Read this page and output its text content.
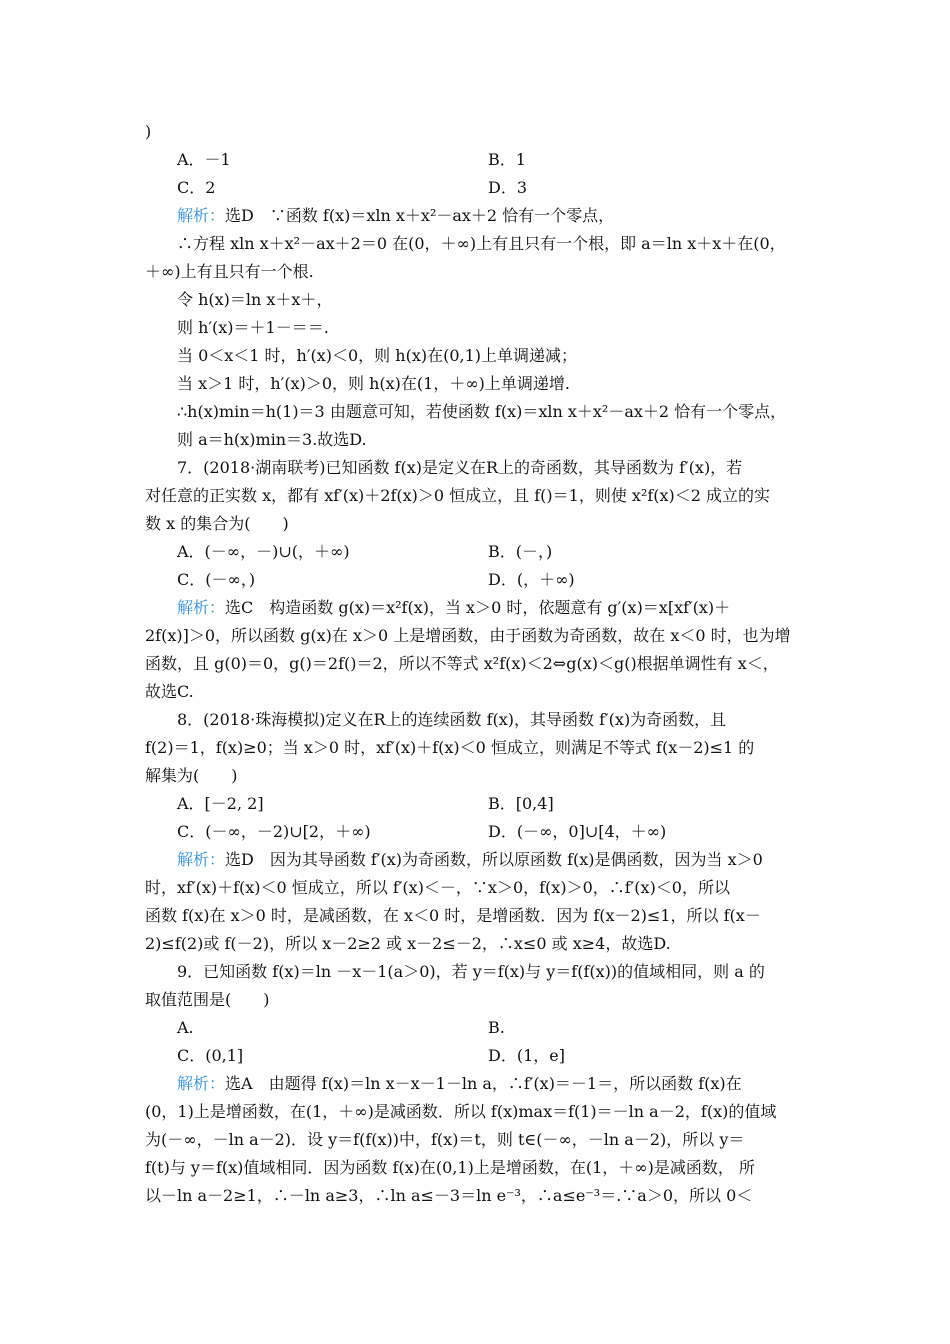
)
A．－1	B．1
C．2	D．3
解析：选D　∵函数 f(x)＝xln x＋x²－ax＋2 恰有一个零点，
∴方程 xln x＋x²－ax＋2＝0 在(0，＋∞)上有且只有一个根，即 a＝ln x＋x＋在(0，
＋∞)上有且只有一个根.
令 h(x)＝ln x＋x＋，
则 h′(x)＝＋1－＝＝.
当 0＜x＜1 时，h′(x)＜0，则 h(x)在(0,1)上单调递减；
当 x＞1 时，h′(x)＞0，则 h(x)在(1，＋∞)上单调递增.
∴h(x)min＝h(1)＝3 由题意可知，若使函数 f(x)＝xln x＋x²－ax＋2 恰有一个零点，
则 a＝h(x)min＝3.故选D.
7．(2018·湖南联考)已知函数 f(x)是定义在R上的奇函数，其导函数为 f′(x)，若
对任意的正实数 x，都有 xf′(x)＋2f(x)＞0 恒成立，且 f()＝1，则使 x²f(x)＜2 成立的实
数 x 的集合为(　　)
A．(－∞，－)∪(，＋∞)	B．(－，)
C．(－∞，)	D．(，＋∞)
解析：选C　构造函数 g(x)＝x²f(x)，当 x＞0 时，依题意有 g′(x)＝x[xf′(x)＋
2f(x)]＞0，所以函数 g(x)在 x＞0 上是增函数，由于函数为奇函数，故在 x＜0 时，也为增
函数，且 g(0)＝0，g()＝2f()＝2，所以不等式 x²f(x)＜2⇔g(x)＜g()根据单调性有 x＜，
故选C.
8．(2018·珠海模拟)定义在R上的连续函数 f(x)，其导函数 f′(x)为奇函数，且
f(2)＝1，f(x)≥0；当 x＞0 时，xf′(x)＋f(x)＜0 恒成立，则满足不等式 f(x－2)≤1 的
解集为(　　)
A．[－2, 2]	B．[0,4]
C．(－∞，－2)∪[2，＋∞)	D．(－∞，0]∪[4，＋∞)
解析：选D　因为其导函数 f′(x)为奇函数，所以原函数 f(x)是偶函数，因为当 x＞0
时，xf′(x)＋f(x)＜0 恒成立，所以 f′(x)＜－，∵x＞0，f(x)＞0，∴f′(x)＜0，所以
函数 f(x)在 x＞0 时，是减函数，在 x＜0 时，是增函数．因为 f(x－2)≤1，所以 f(x－
2)≤f(2)或 f(－2)，所以 x－2≥2 或 x－2≤－2，∴x≤0 或 x≥4，故选D.
9．已知函数 f(x)＝ln －x－1(a＞0)，若 y＝f(x)与 y＝f(f(x))的值域相同，则 a 的
取值范围是(　　)
A.	B.
C．(0,1]	D．(1，e]
解析：选A　由题得 f(x)＝ln x－x－1－ln a，∴f′(x)＝－1＝，所以函数 f(x)在
(0，1)上是增函数，在(1，＋∞)是减函数．所以 f(x)max＝f(1)＝－ln a－2，f(x)的值域
为(－∞，－ln a－2)．设 y＝f(f(x))中，f(x)＝t，则 t∈(－∞，－ln a－2)，所以 y＝
f(t)与 y＝f(x)值域相同．因为函数 f(x)在(0,1)上是增函数，在(1，＋∞)是减函数， 所
以－ln a－2≥1，∴－ln a≥3，∴ln a≤－3＝ln e⁻³，∴a≤e⁻³＝.∵a＞0，所以 0＜
